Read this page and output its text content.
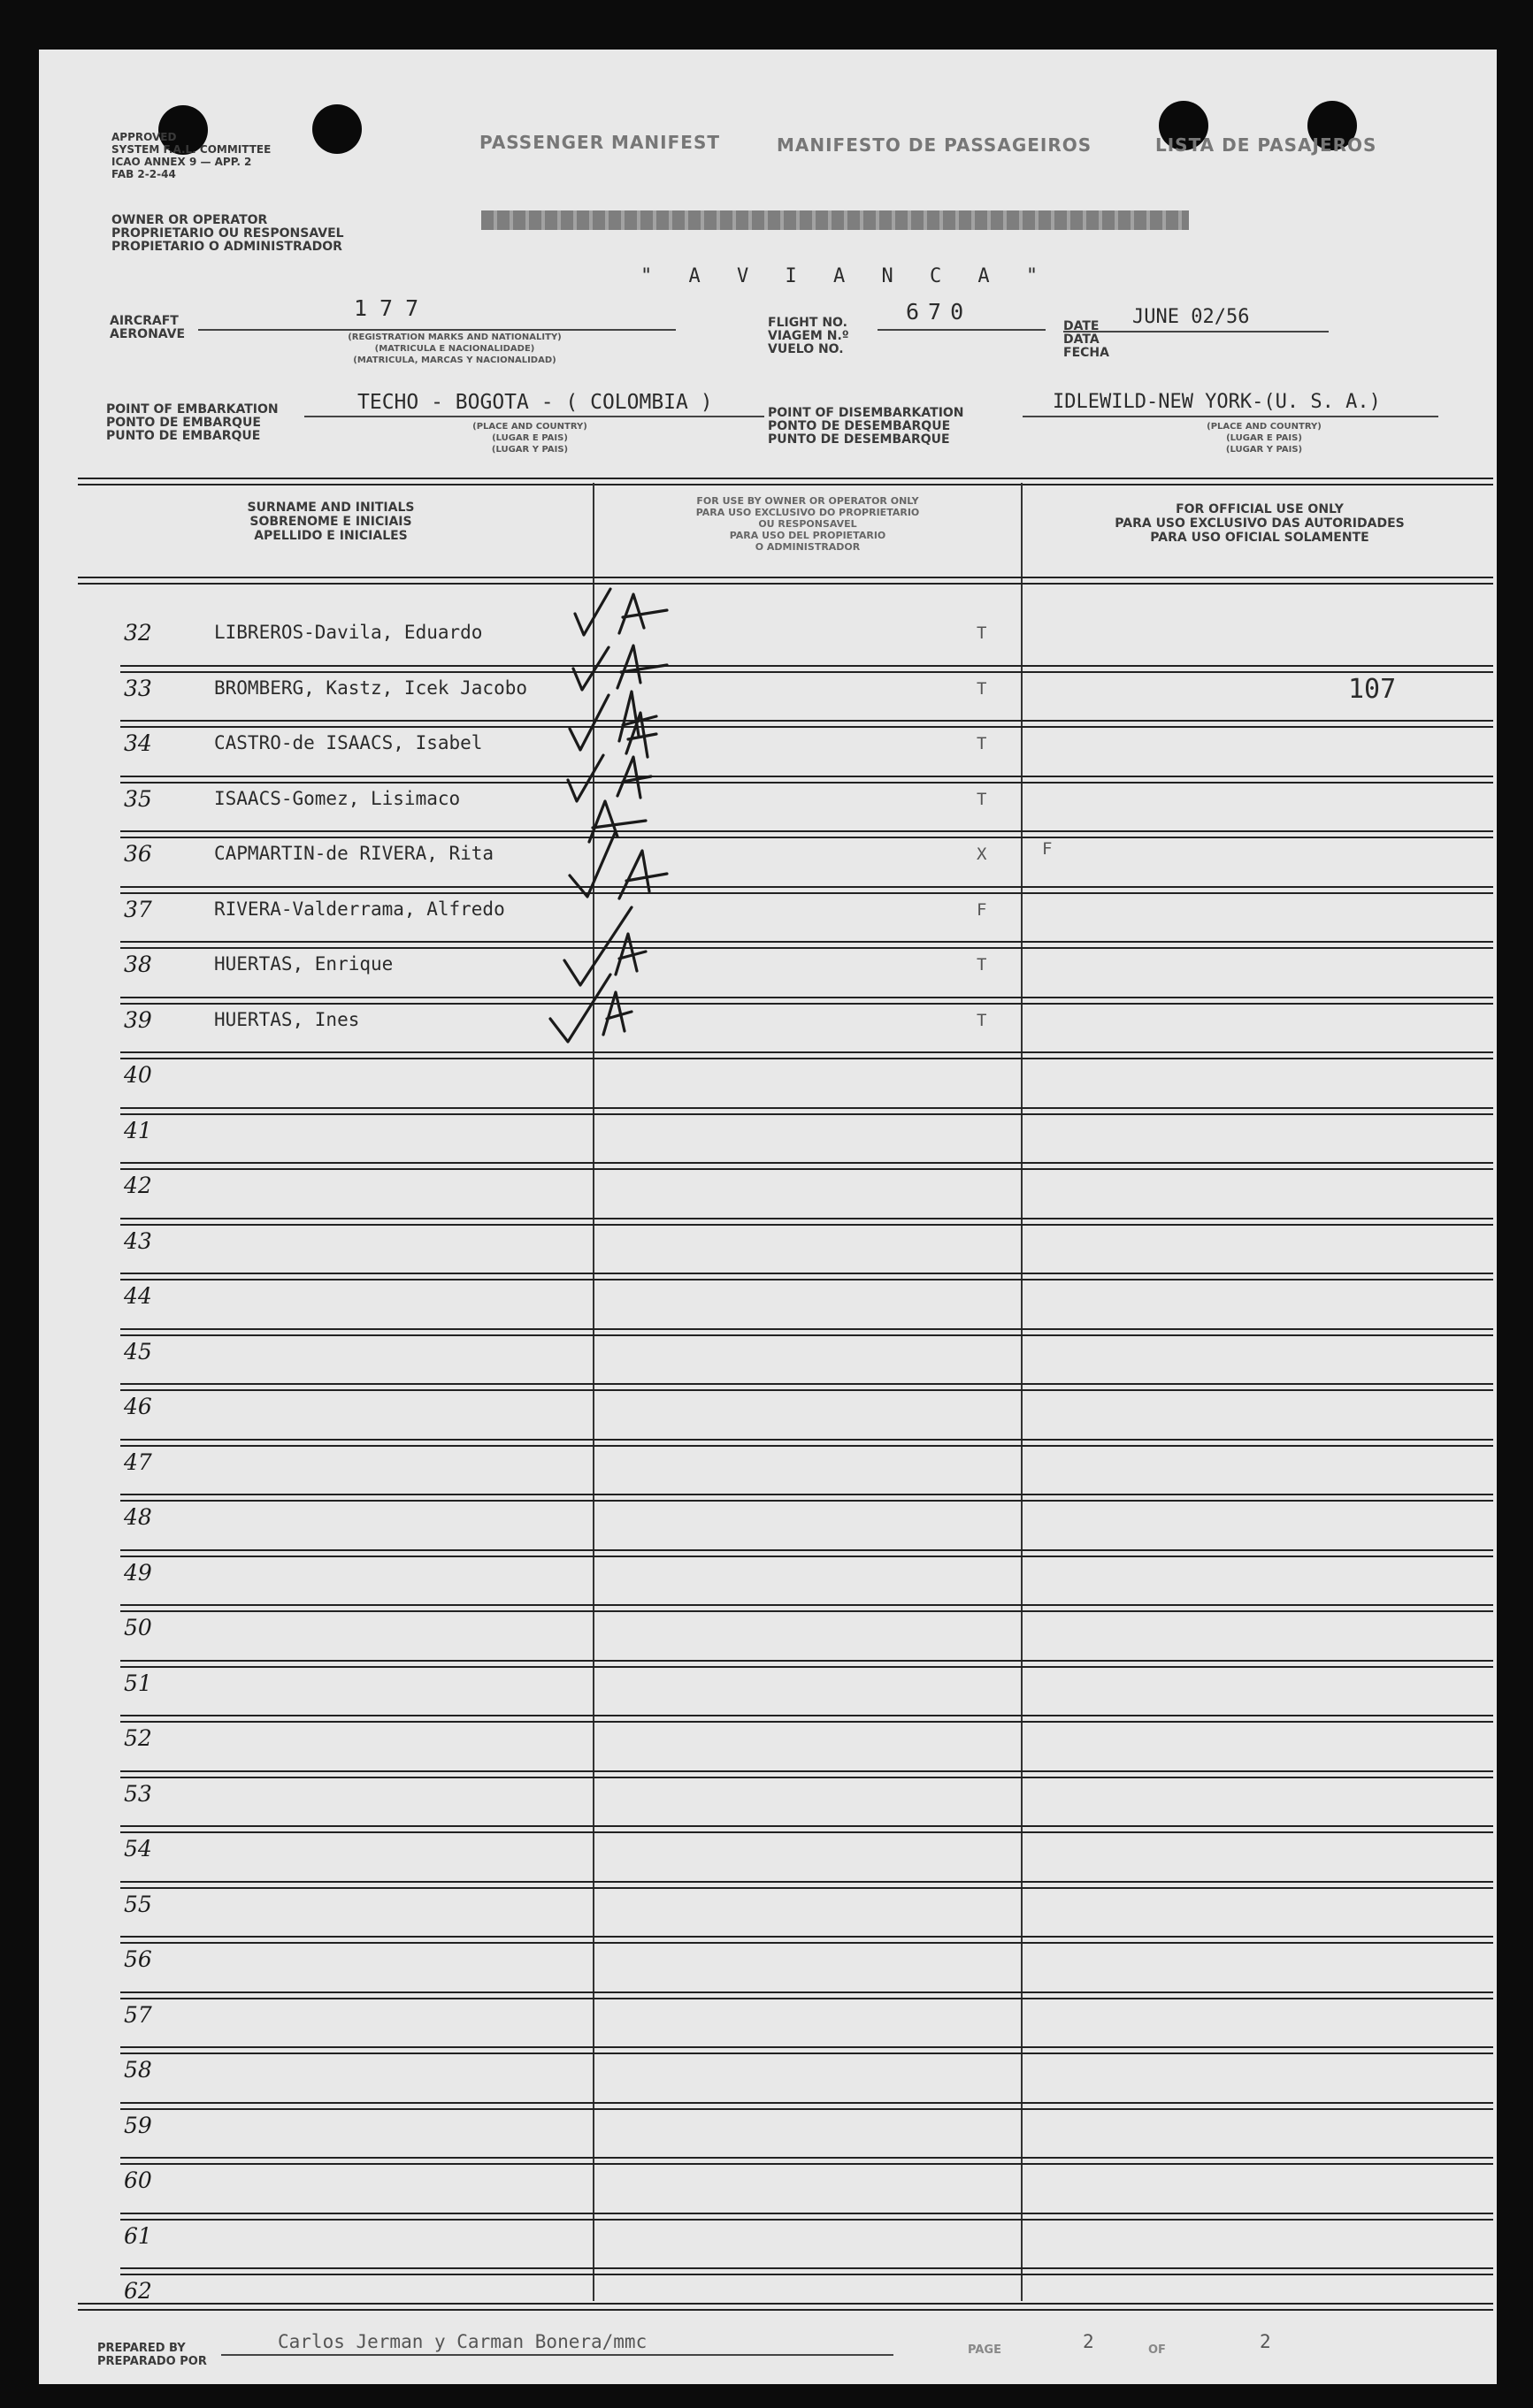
APPROVED
SYSTEM F.A.L. COMMITTEE
ICAO ANNEX 9 — APP. 2
FAB 2-2-44
PASSENGER MANIFEST	MANIFESTO DE PASSAGEIROS	LISTA DE PASAJEROS
OWNER OR OPERATOR
PROPRIETARIO OU RESPONSAVEL
PROPIETARIO O ADMINISTRADOR
" A V I A N C A "
AIRCRAFT
AERONAVE
177
(REGISTRATION MARKS AND NATIONALITY)
(MATRICULA E NACIONALIDADE)
(MATRICULA, MARCAS Y NACIONALIDAD)
FLIGHT NO.
VIAGEM N.º
VUELO NO.
670
DATE
DATA
FECHA
JUNE 02/56
POINT OF EMBARKATION
PONTO DE EMBARQUE
PUNTO DE EMBARQUE
TECHO - BOGOTA - ( COLOMBIA )
(PLACE AND COUNTRY)
(LUGAR E PAIS)
(LUGAR Y PAIS)
POINT OF DISEMBARKATION
PONTO DE DESEMBARQUE
PUNTO DE DESEMBARQUE
IDLEWILD-NEW YORK-(U. S. A.)
(PLACE AND COUNTRY)
(LUGAR E PAIS)
(LUGAR Y PAIS)
SURNAME AND INITIALS
SOBRENOME E INICIAIS
APELLIDO E INICIALES
FOR USE BY OWNER OR OPERATOR ONLY
PARA USO EXCLUSIVO DO PROPRIETARIO
OU RESPONSAVEL
PARA USO DEL PROPIETARIO
O ADMINISTRADOR
FOR OFFICIAL USE ONLY
PARA USO EXCLUSIVO DAS AUTORIDADES
PARA USO OFICIAL SOLAMENTE
32	LIBREROS-Davila, Eduardo	T
33	BROMBERG, Kastz, Icek Jacobo	T	107
34	CASTRO-de ISAACS, Isabel	T
35	ISAACS-Gomez, Lisimaco	T
36	CAPMARTIN-de RIVERA, Rita	X	F
37	RIVERA-Valderrama, Alfredo	F
38	HUERTAS, Enrique	T
39	HUERTAS, Ines	T
40
41
42
43
44
45
46
47
48
49
50
51
52
53
54
55
56
57
58
59
60
61
62
PREPARED BY
PREPARADO POR
Carlos Jerman y Carman Bonera/mmc	PAGE	2	OF	2
